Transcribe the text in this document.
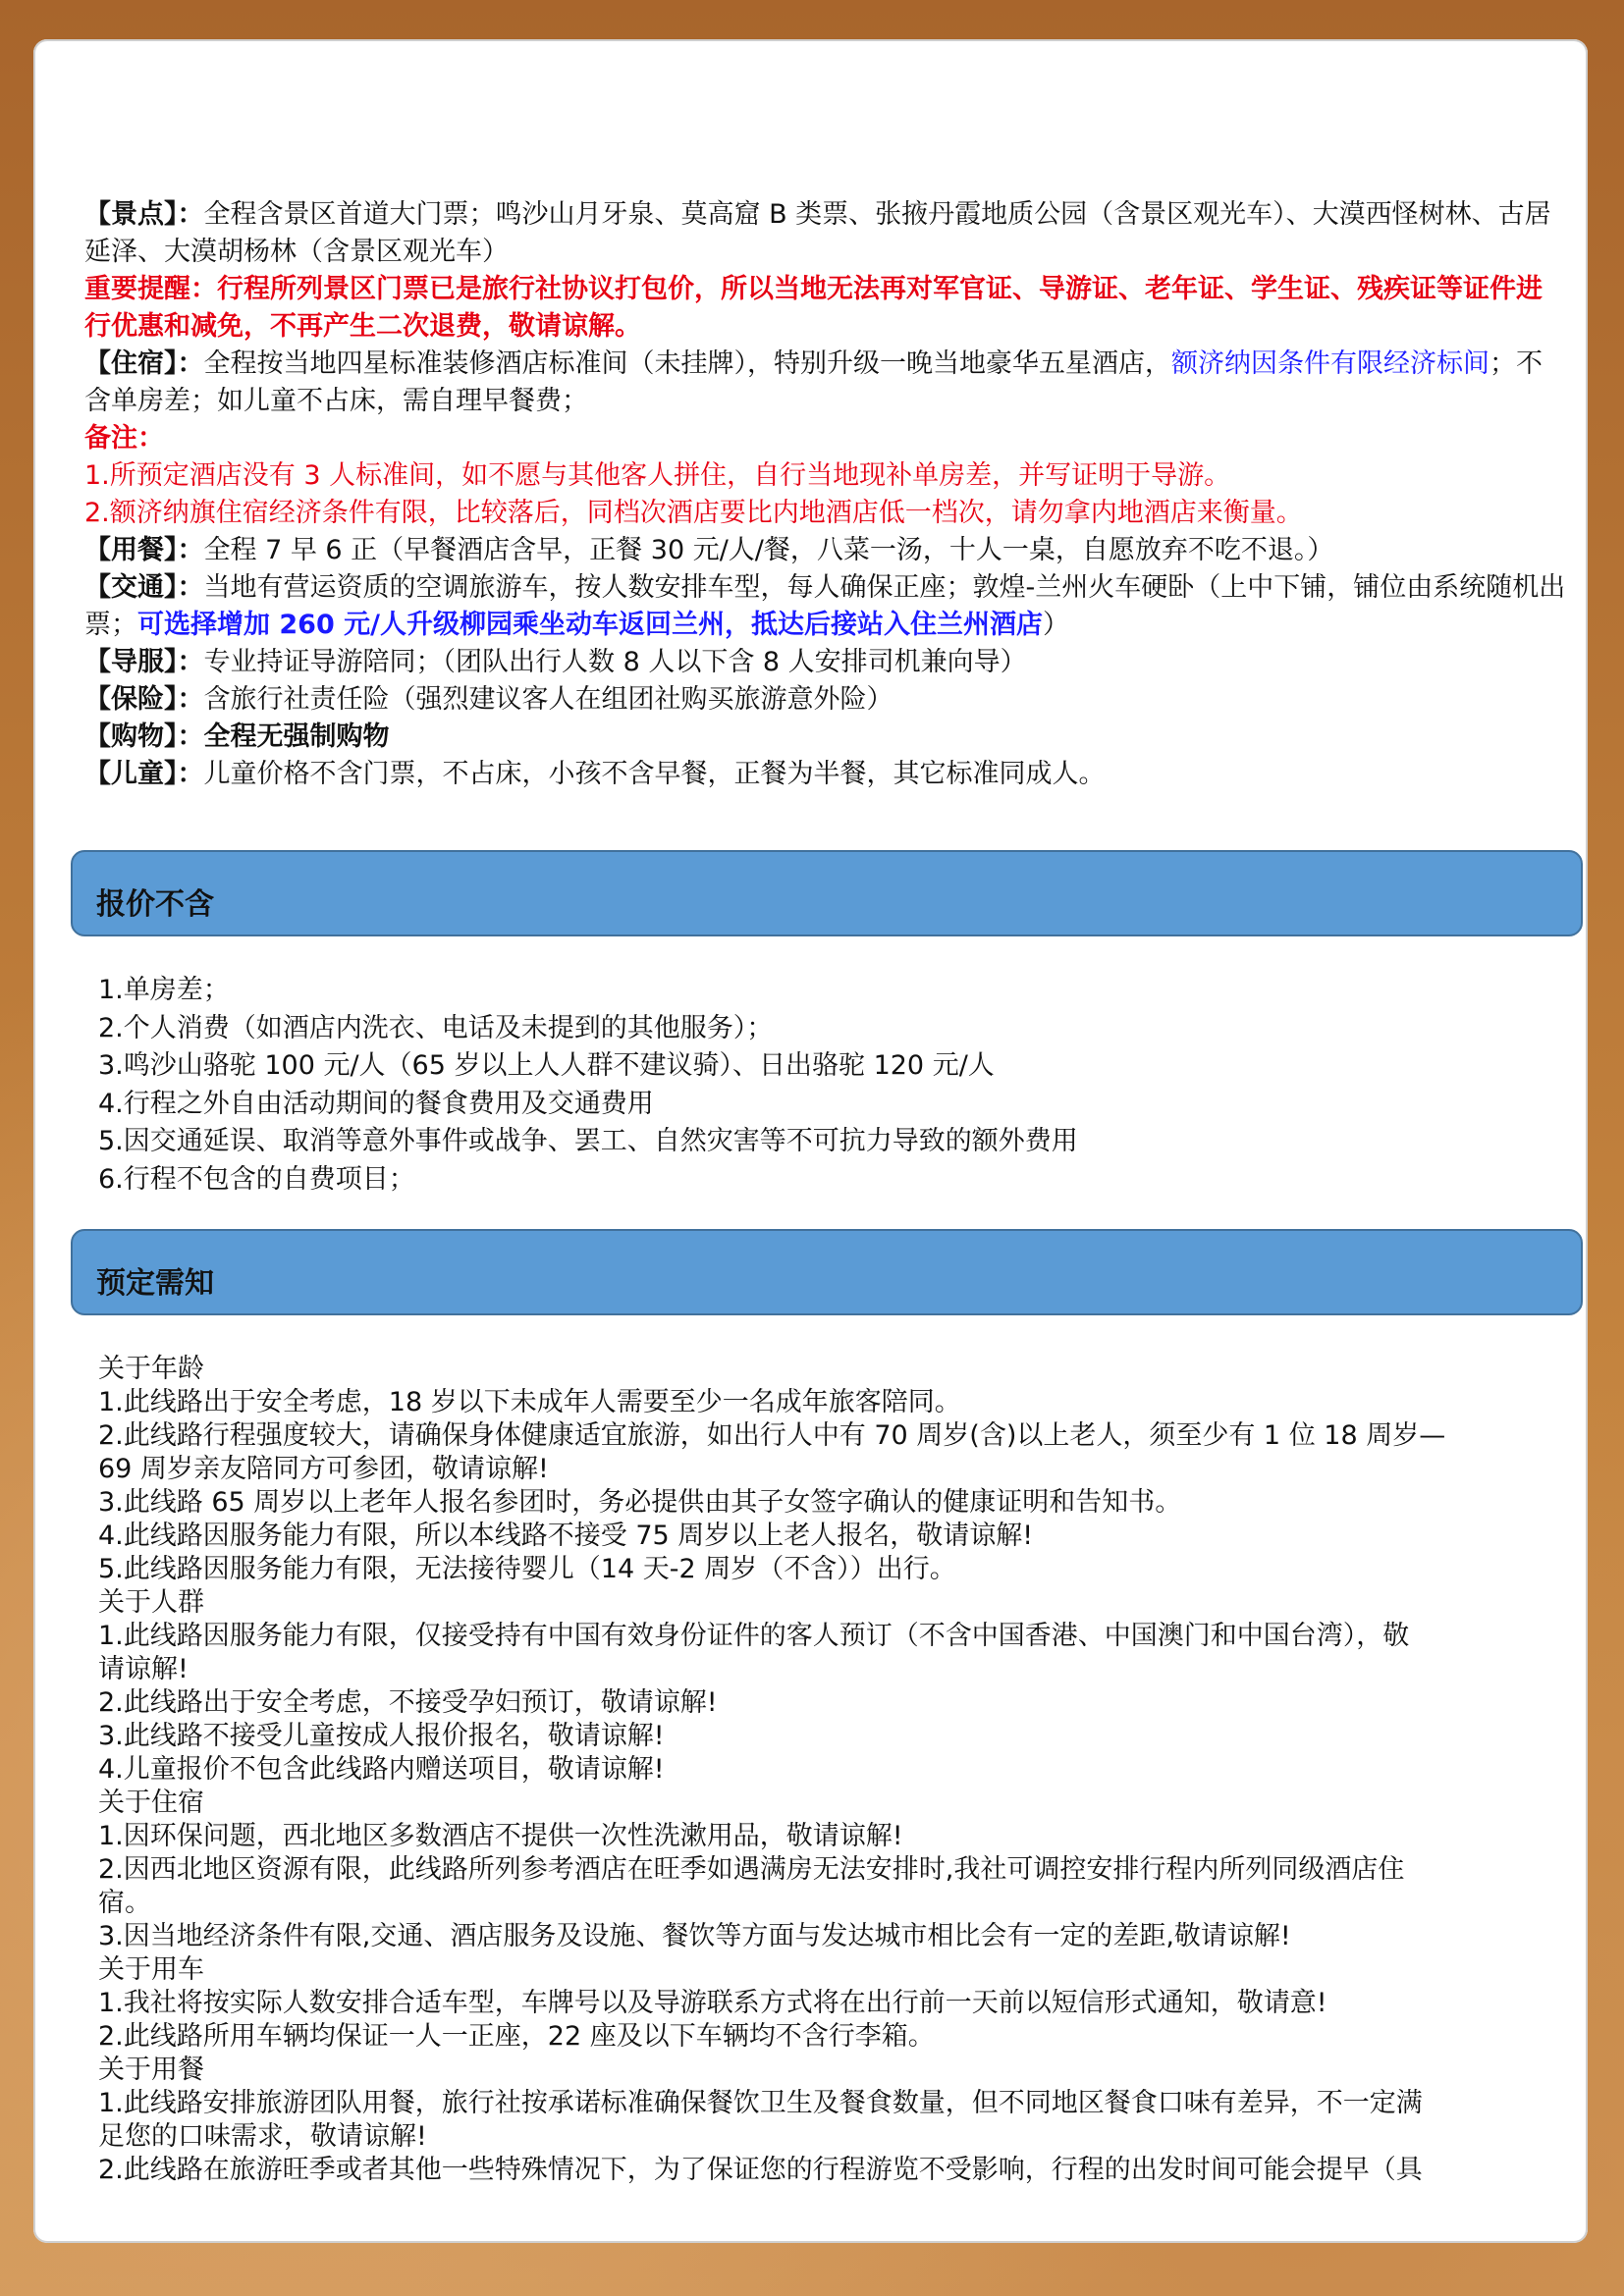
【景点】：全程含景区首道大门票；鸣沙山月牙泉、莫高窟 B 类票、张掖丹霞地质公园（含景区观光车）、大漠西怪树林、古居延泽、大漠胡杨林（含景区观光车）

重要提醒：行程所列景区门票已是旅行社协议打包价，所以当地无法再对军官证、导游证、老年证、学生证、残疾证等证件进行优惠和减免，不再产生二次退费，敬请谅解。

【住宿】：全程按当地四星标准装修酒店标准间（未挂牌），特别升级一晚当地豪华五星酒店，额济纳因条件有限经济标间；不含单房差；如儿童不占床，需自理早餐费；

备注：

1.所预定酒店没有 3 人标准间，如不愿与其他客人拼住，自行当地现补单房差，并写证明于导游。

2.额济纳旗住宿经济条件有限，比较落后，同档次酒店要比内地酒店低一档次，请勿拿内地酒店来衡量。

【用餐】：全程 7 早 6 正（早餐酒店含早，正餐 30 元/人/餐，八菜一汤，十人一桌，自愿放弃不吃不退。）

【交通】：当地有营运资质的空调旅游车，按人数安排车型，每人确保正座；敦煌-兰州火车硬卧（上中下铺，铺位由系统随机出票；可选择增加 260 元/人升级柳园乘坐动车返回兰州，抵达后接站入住兰州酒店）

【导服】：专业持证导游陪同；（团队出行人数 8 人以下含 8 人安排司机兼向导）

【保险】：含旅行社责任险（强烈建议客人在组团社购买旅游意外险）

【购物】：全程无强制购物

【儿童】：儿童价格不含门票，不占床，小孩不含早餐，正餐为半餐，其它标准同成人。

报价不含
1.单房差；
2.个人消费（如酒店内洗衣、电话及未提到的其他服务）；
3.鸣沙山骆驼 100 元/人（65 岁以上人人群不建议骑）、日出骆驼 120 元/人
4.行程之外自由活动期间的餐食费用及交通费用
5.因交通延误、取消等意外事件或战争、罢工、自然灾害等不可抗力导致的额外费用
6.行程不包含的自费项目；
预定需知
关于年龄
1.此线路出于安全考虑，18 岁以下未成年人需要至少一名成年旅客陪同。
2.此线路行程强度较大，请确保身体健康适宜旅游，如出行人中有 70 周岁(含)以上老人，须至少有 1 位 18 周岁—
69 周岁亲友陪同方可参团，敬请谅解!
3.此线路 65 周岁以上老年人报名参团时，务必提供由其子女签字确认的健康证明和告知书。
4.此线路因服务能力有限，所以本线路不接受 75 周岁以上老人报名，敬请谅解!
5.此线路因服务能力有限，无法接待婴儿（14 天-2 周岁（不含））出行。
关于人群
1.此线路因服务能力有限，仅接受持有中国有效身份证件的客人预订（不含中国香港、中国澳门和中国台湾），敬
请谅解!
2.此线路出于安全考虑，不接受孕妇预订，敬请谅解!
3.此线路不接受儿童按成人报价报名，敬请谅解!
4.儿童报价不包含此线路内赠送项目，敬请谅解!
关于住宿
1.因环保问题，西北地区多数酒店不提供一次性洗漱用品，敬请谅解!
2.因西北地区资源有限，此线路所列参考酒店在旺季如遇满房无法安排时,我社可调控安排行程内所列同级酒店住
宿。
3.因当地经济条件有限,交通、酒店服务及设施、餐饮等方面与发达城市相比会有一定的差距,敬请谅解!
关于用车
1.我社将按实际人数安排合适车型，车牌号以及导游联系方式将在出行前一天前以短信形式通知，敬请意!
2.此线路所用车辆均保证一人一正座，22 座及以下车辆均不含行李箱。
关于用餐
1.此线路安排旅游团队用餐，旅行社按承诺标准确保餐饮卫生及餐食数量，但不同地区餐食口味有差异，不一定满
足您的口味需求，敬请谅解!
2.此线路在旅游旺季或者其他一些特殊情况下，为了保证您的行程游览不受影响，行程的出发时间可能会提早（具
